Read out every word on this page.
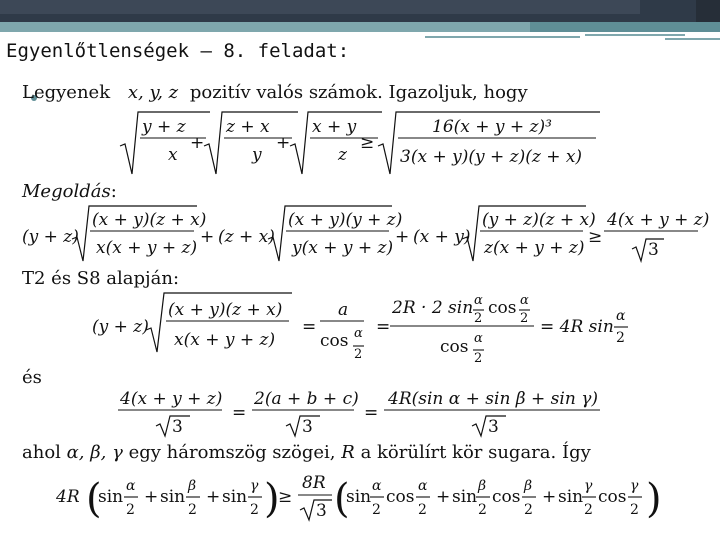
Egyenlőtlenségek – 8. feladat:
Legyenek x, y, z pozitív valós számok. Igazoljuk, hogy
y + z
x
+
z + x
y
+
x + y
z
≥
16(x + y + z)³
3(x + y)(y + z)(z + x)
Megoldás:
(y + z)
(x + y)(z + x)
x(x + y + z)
+ (z + x)
(x + y)(y + z)
y(x + y + z)
+ (x + y)
(y + z)(z + x)
z(x + y + z)
≥
4(x + y + z)
3
T2 és S8 alapján:
(y + z)
(x + y)(z + x)
x(x + y + z)
=
a
cos α
2
=
2R · 2 sin α
2
cos α
2
cos α
2
= 4R sin
α
2
és
4(x + y + z)
3
=
2(a + b + c)
3
=
4R(sin α + sin β + sin γ)
3
ahol α, β, γ egy háromszög szögei, R a körülírt kör sugara. Így
4R (
sin
α
2
+ sin
β
2
+ sin
γ
2 )
≥
8R
3 (
sin
α
2
cos
α
2
+ sin
β
2
cos
β
2
+ sin
γ
2
cos
γ
2 )
